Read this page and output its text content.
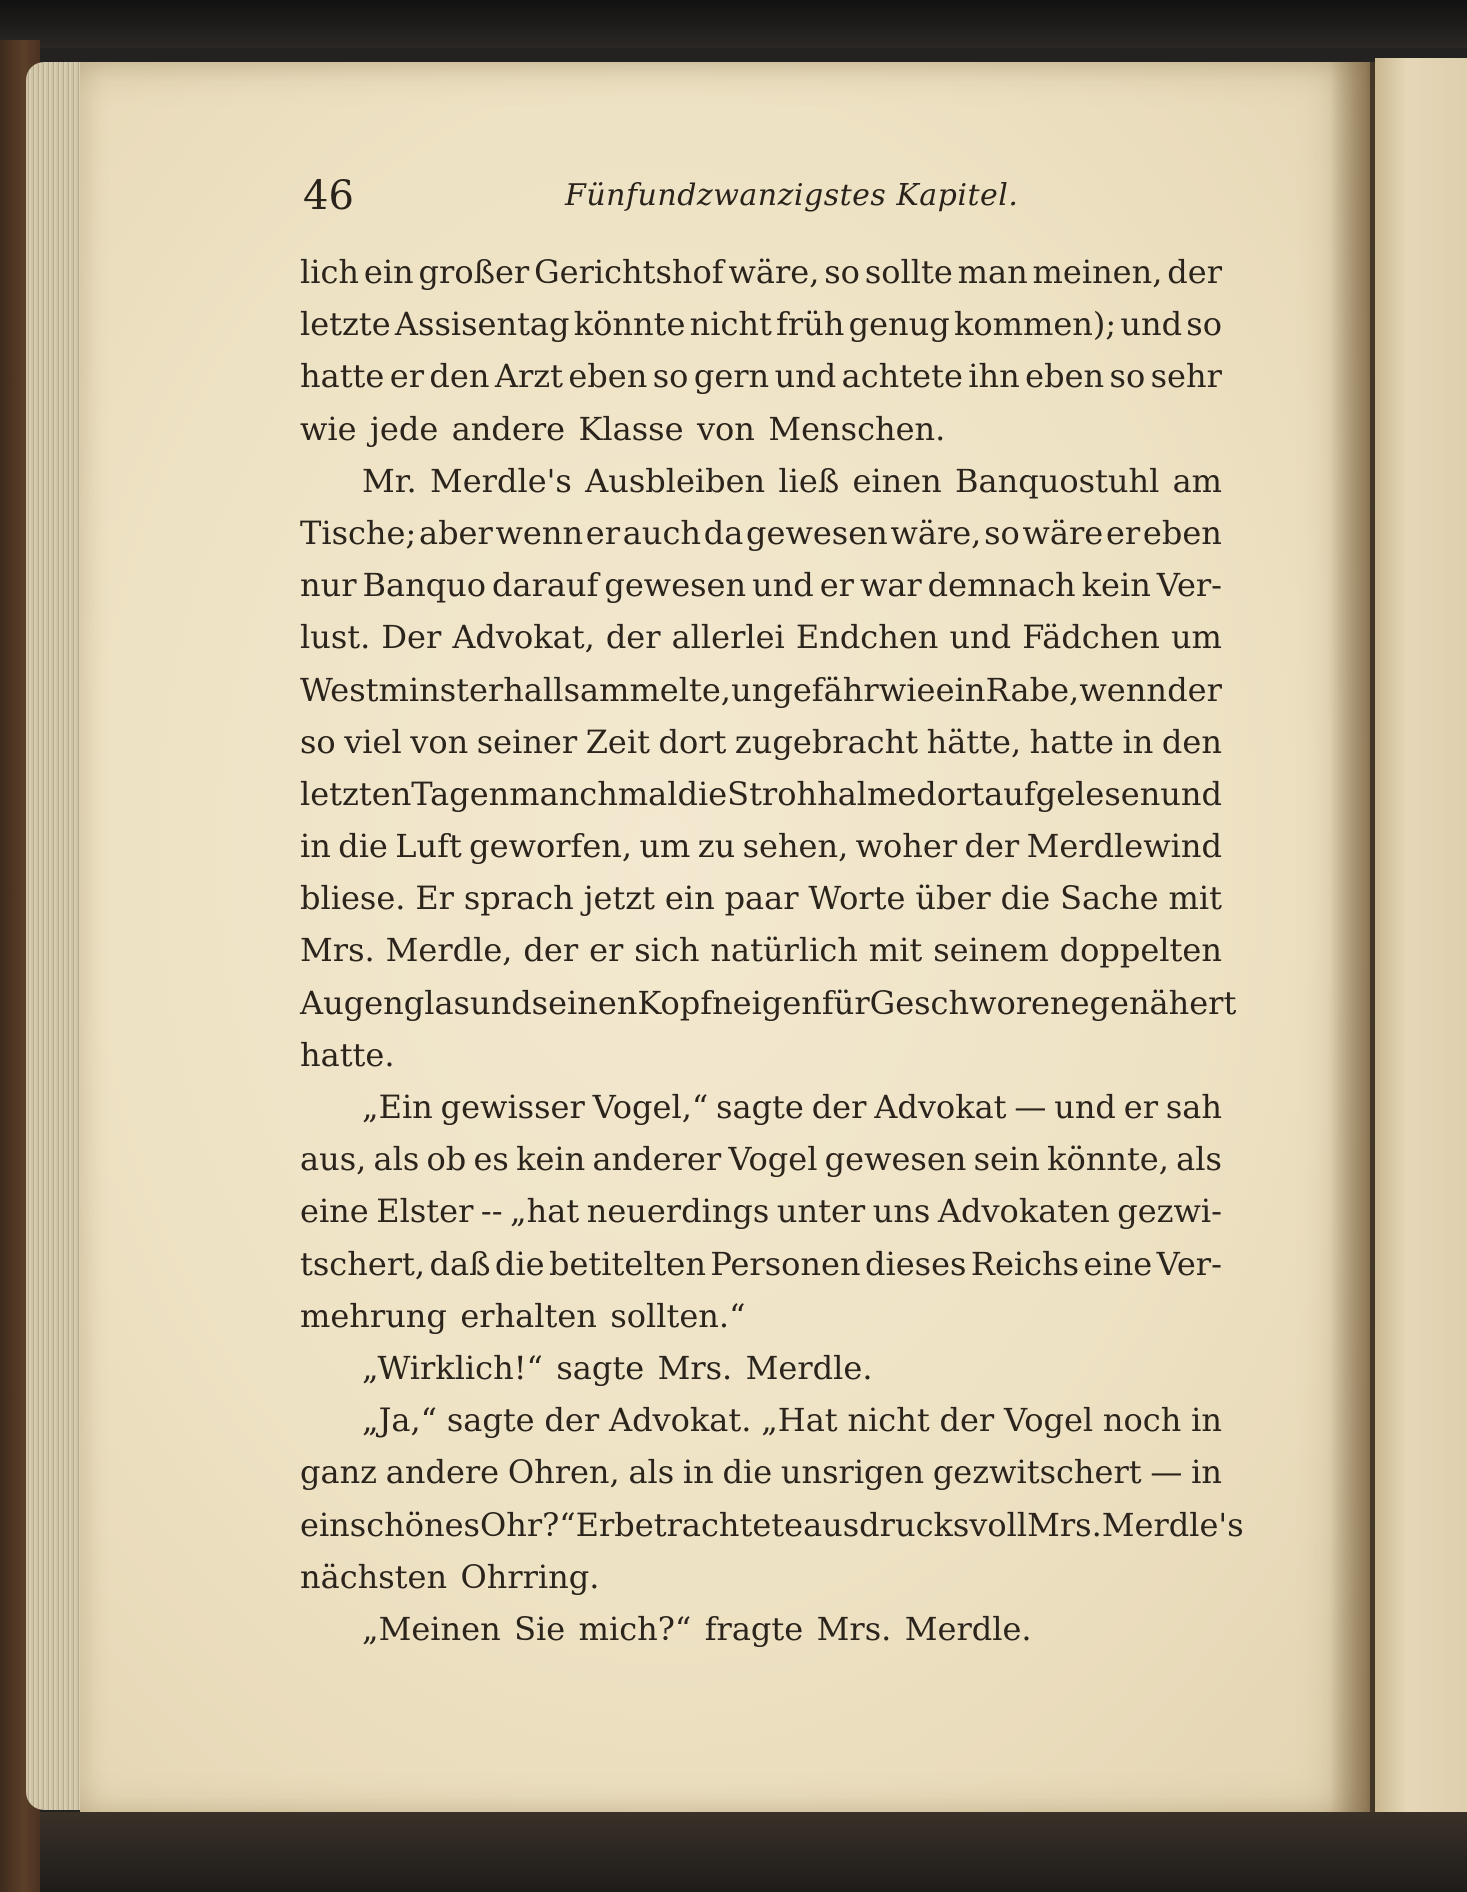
46	Fünfundzwanzigstes Kapitel.
lich ein großer Gerichtshof wäre, so sollte man meinen, der
letzte Assisentag könnte nicht früh genug kommen); und so
hatte er den Arzt eben so gern und achtete ihn eben so sehr
wie jede andere Klasse von Menschen.
Mr. Merdle's Ausbleiben ließ einen Banquostuhl am
Tische; aber wenn er auch da gewesen wäre, so wäre er eben
nur Banquo darauf gewesen und er war demnach kein Ver-
lust. Der Advokat, der allerlei Endchen und Fädchen um
Westminsterhall sammelte, ungefähr wie ein Rabe, wenn der
so viel von seiner Zeit dort zugebracht hätte, hatte in den
letzten Tagen manchmal die Strohhalme dort aufgelesen und
in die Luft geworfen, um zu sehen, woher der Merdlewind
bliese. Er sprach jetzt ein paar Worte über die Sache mit
Mrs. Merdle, der er sich natürlich mit seinem doppelten
Augenglas und seinen Kopfneigen für Geschworene genähert
hatte.
„Ein gewisser Vogel,“ sagte der Advokat — und er sah
aus, als ob es kein anderer Vogel gewesen sein könnte, als
eine Elster -- „hat neuerdings unter uns Advokaten gezwi-
tschert, daß die betitelten Personen dieses Reichs eine Ver-
mehrung erhalten sollten.“
„Wirklich!“ sagte Mrs. Merdle.
„Ja,“ sagte der Advokat. „Hat nicht der Vogel noch in
ganz andere Ohren, als in die unsrigen gezwitschert — in
ein schönes Ohr?“ Er betrachtete ausdrucksvoll Mrs. Merdle's
nächsten Ohrring.
„Meinen Sie mich?“ fragte Mrs. Merdle.
